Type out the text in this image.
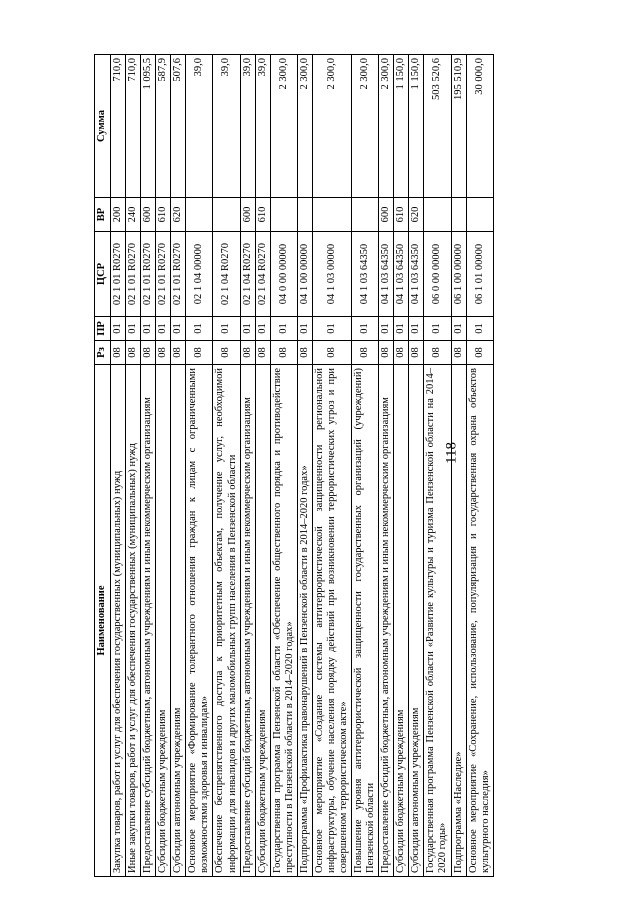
118
Наименование	Рз	ПР	ЦСР	ВР	Сумма
Закупка товаров, работ и услуг для обеспечения государственных (муниципальных) нужд	08	01	02 1 01 R0270	200	710,0
Иные закупки товаров, работ и услуг для обеспечения государственных (муниципальных) нужд	08	01	02 1 01 R0270	240	710,0
Предоставление субсидий бюджетным, автономным учреждениям и иным некоммерческим организациям	08	01	02 1 01 R0270	600	1 095,5
Субсидии бюджетным учреждениям	08	01	02 1 01 R0270	610	587,9
Субсидии автономным учреждениям	08	01	02 1 01 R0270	620	507,6
Основное мероприятие «Формирование толерантного отношения граждан к лицам с ограниченными возможностями здоровья и инвалидам»	08	01	02 1 04 00000		39,0
Обеспечение беспрепятственного доступа к приоритетным объектам, получение услуг, необходимой информации для инвалидов и других маломобильных групп населения в Пензенской области	08	01	02 1 04 R0270		39,0
Предоставление субсидий бюджетным, автономным учреждениям и иным некоммерческим организациям	08	01	02 1 04 R0270	600	39,0
Субсидии бюджетным учреждениям	08	01	02 1 04 R0270	610	39,0
Государственная программа Пензенской области «Обеспечение общественного порядка и противодействие преступности в Пензенской области в 2014–2020 годах»	08	01	04 0 00 00000		2 300,0
Подпрограмма «Профилактика правонарушений в Пензенской области в 2014–2020 годах»	08	01	04 1 00 00000		2 300,0
Основное мероприятие «Создание системы антитеррористической защищенности региональной инфраструктуры, обучение населения порядку действий при возникновении террористических угроз и при совершенном террористическом акте»	08	01	04 1 03 00000		2 300,0
Повышение уровня антитеррористической защищенности государственных организаций (учреждений) Пензенской области	08	01	04 1 03 64350		2 300,0
Предоставление субсидий бюджетным, автономным учреждениям и иным некоммерческим организациям	08	01	04 1 03 64350	600	2 300,0
Субсидии бюджетным учреждениям	08	01	04 1 03 64350	610	1 150,0
Субсидии автономным учреждениям	08	01	04 1 03 64350	620	1 150,0
Государственная программа Пензенской области «Развитие культуры и туризма Пензенской области на 2014–2020 годы»	08	01	06 0 00 00000		503 520,6
Подпрограмма «Наследие»	08	01	06 1 00 00000		195 510,9
Основное мероприятие «Сохранение, использование, популяризация и государственная охрана объектов культурного наследия»	08	01	06 1 01 00000		30 000,0
